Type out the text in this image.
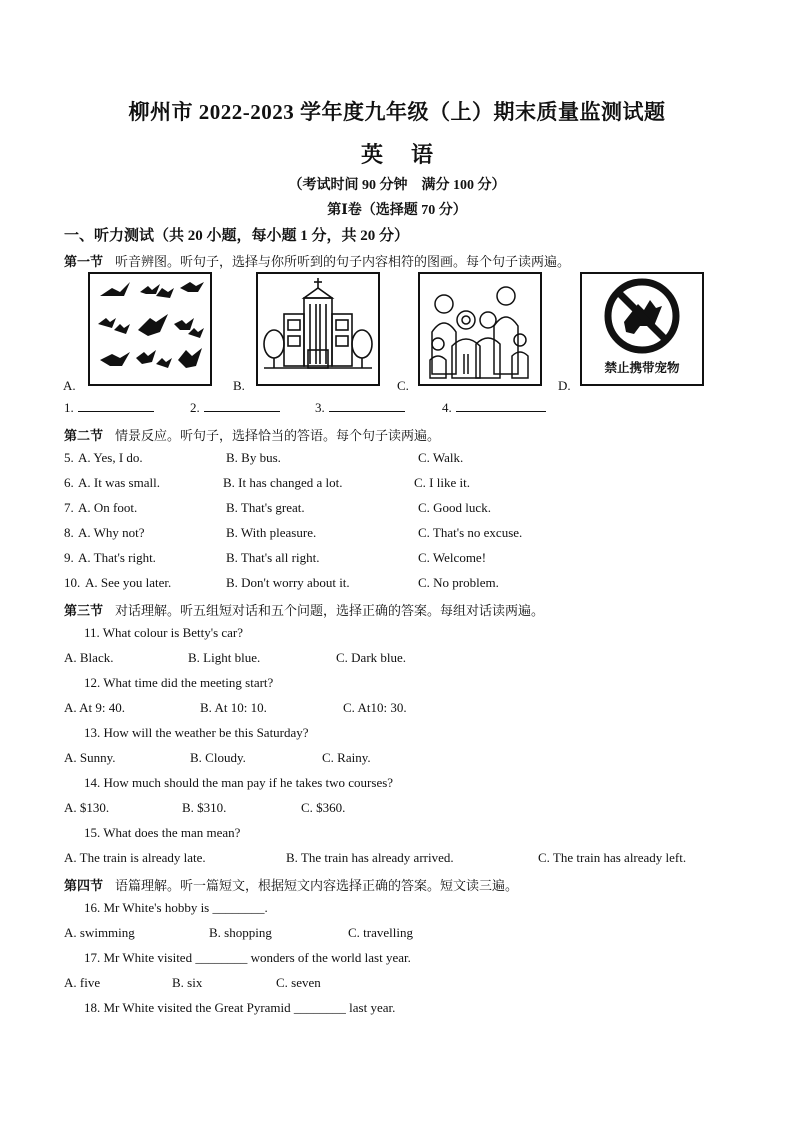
柳州市 2022-2023 学年度九年级（上）期末质量监测试题
英语
（考试时间 90 分钟　满分 100 分）
第Ⅰ卷（选择题 70 分）
一、听力测试（共 20 小题，每小题 1 分，共 20 分）
第一节 听音辨图。听句子，选择与你所听到的句子内容相符的图画。每个句子读两遍。
A.	B.	C.	D.
禁止携带宠物
1.	2.	3.	4.
第二节 情景反应。听句子，选择恰当的答语。每个句子读两遍。
5. A. Yes, I do.	B. By bus.	C. Walk.
6. A. It was small.	B. It has changed a lot.	C. I like it.
7. A. On foot.	B. That's great.	C. Good luck.
8. A. Why not?	B. With pleasure.	C. That's no excuse.
9. A. That's right.	B. That's all right.	C. Welcome!
10. A. See you later.	B. Don't worry about it.	C. No problem.
第三节 对话理解。听五组短对话和五个问题，选择正确的答案。每组对话读两遍。
11. What colour is Betty's car?
A. Black.	B. Light blue.	C. Dark blue.
12. What time did the meeting start?
A. At 9: 40.	B. At 10: 10.	C. At10: 30.
13. How will the weather be this Saturday?
A. Sunny.	B. Cloudy.	C. Rainy.
14. How much should the man pay if he takes two courses?
A. $130.	B. $310.	C. $360.
15. What does the man mean?
A. The train is already late.	B. The train has already arrived.	C. The train has already left.
第四节 语篇理解。听一篇短文，根据短文内容选择正确的答案。短文读三遍。
16. Mr White's hobby is ________.
A. swimming	B. shopping	C. travelling
17. Mr White visited ________ wonders of the world last year.
A. five	B. six	C. seven
18. Mr White visited the Great Pyramid ________ last year.
